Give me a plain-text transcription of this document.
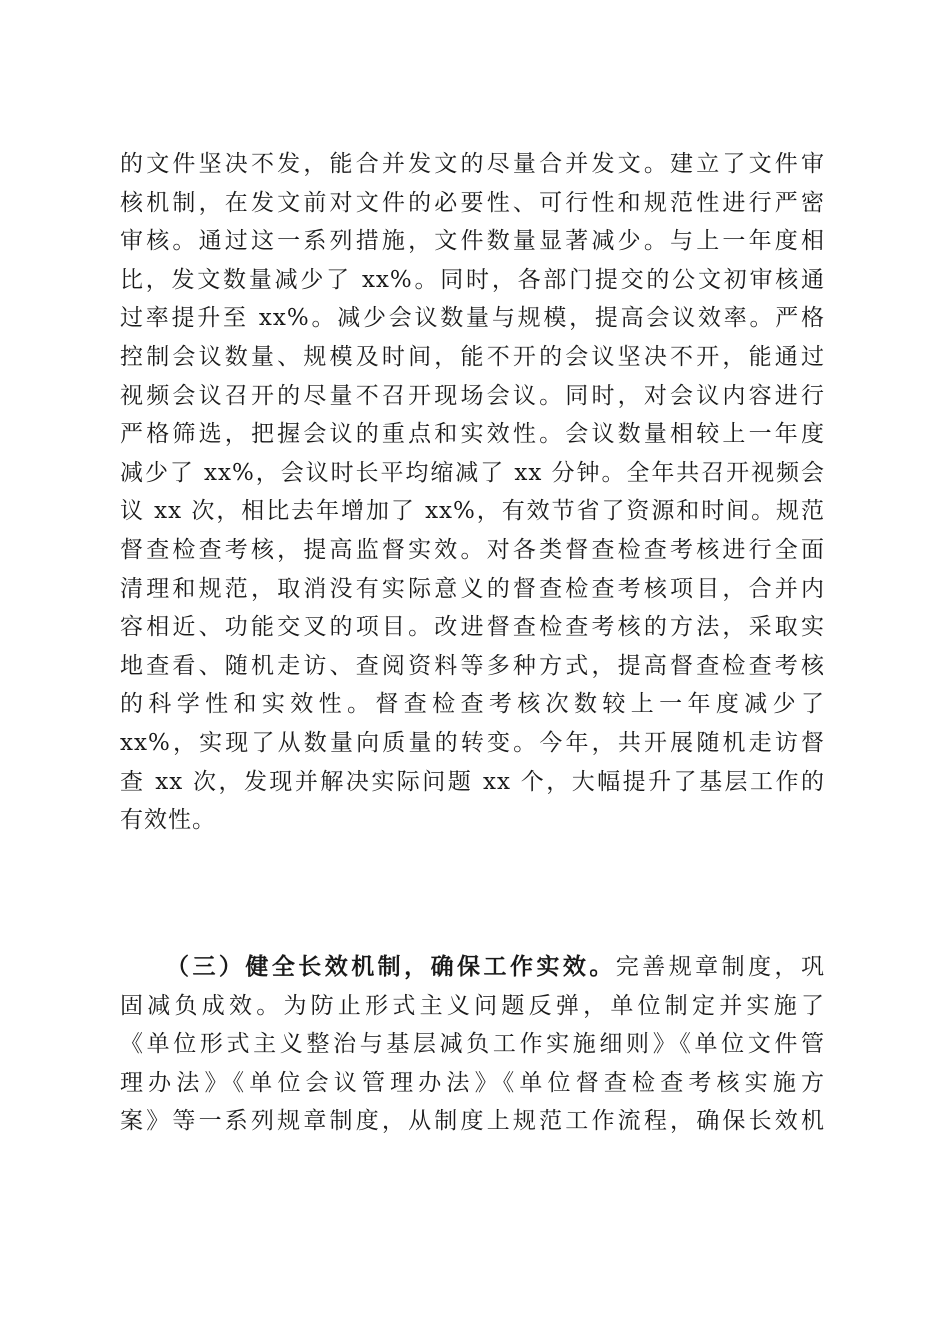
的文件坚决不发，能合并发文的尽量合并发文。建立了文件审
核机制，在发文前对文件的必要性、可行性和规范性进行严密
审核。通过这一系列措施，文件数量显著减少。与上一年度相
比，发文数量减少了 xx%。同时，各部门提交的公文初审核通
过率提升至 xx%。减少会议数量与规模，提高会议效率。严格
控制会议数量、规模及时间，能不开的会议坚决不开，能通过
视频会议召开的尽量不召开现场会议。同时，对会议内容进行
严格筛选，把握会议的重点和实效性。会议数量相较上一年度
减少了 xx%，会议时长平均缩减了 xx 分钟。全年共召开视频会
议 xx 次，相比去年增加了 xx%，有效节省了资源和时间。规范
督查检查考核，提高监督实效。对各类督查检查考核进行全面
清理和规范，取消没有实际意义的督查检查考核项目，合并内
容相近、功能交叉的项目。改进督查检查考核的方法，采取实
地查看、随机走访、查阅资料等多种方式，提高督查检查考核
的科学性和实效性。督查检查考核次数较上一年度减少了
xx%，实现了从数量向质量的转变。今年，共开展随机走访督
查 xx 次，发现并解决实际问题 xx 个，大幅提升了基层工作的
有效性。
（三）健全长效机制，确保工作实效。完善规章制度，巩
固减负成效。为防止形式主义问题反弹，单位制定并实施了
《单位形式主义整治与基层减负工作实施细则》《单位文件管
理办法》《单位会议管理办法》《单位督查检查考核实施方
案》等一系列规章制度，从制度上规范工作流程，确保长效机
